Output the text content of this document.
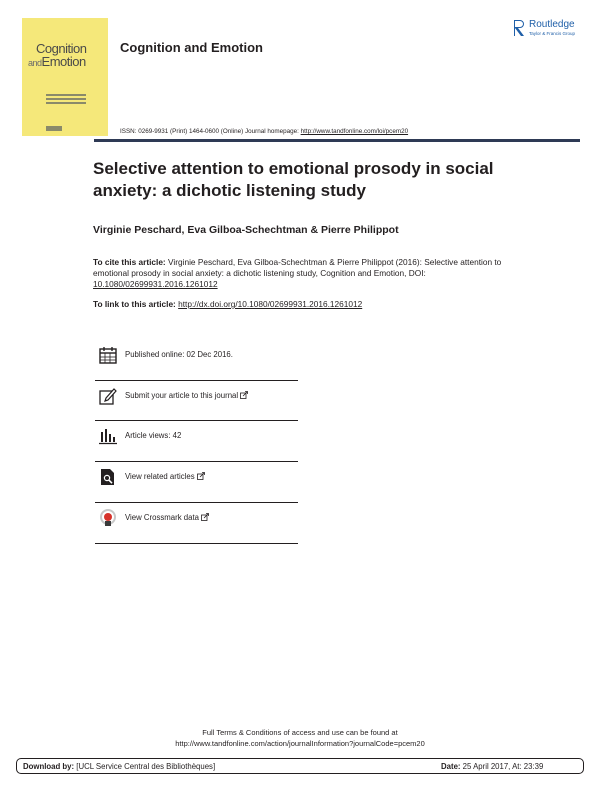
Cognition
andEmotion
Cognition and Emotion
Routledge
Taylor & Francis Group
ISSN: 0269-9931 (Print) 1464-0600 (Online) Journal homepage: http://www.tandfonline.com/loi/pcem20
Selective attention to emotional prosody in social anxiety: a dichotic listening study
Virginie Peschard, Eva Gilboa-Schechtman & Pierre Philippot
To cite this article: Virginie Peschard, Eva Gilboa-Schechtman & Pierre Philippot (2016): Selective attention to emotional prosody in social anxiety: a dichotic listening study, Cognition and Emotion, DOI: 10.1080/02699931.2016.1261012
To link to this article: http://dx.doi.org/10.1080/02699931.2016.1261012
Published online: 02 Dec 2016.
Submit your article to this journal
Article views: 42
View related articles
View Crossmark data
Full Terms & Conditions of access and use can be found at
http://www.tandfonline.com/action/journalInformation?journalCode=pcem20
Download by: [UCL Service Central des Bibliothèques]	Date: 25 April 2017, At: 23:39
